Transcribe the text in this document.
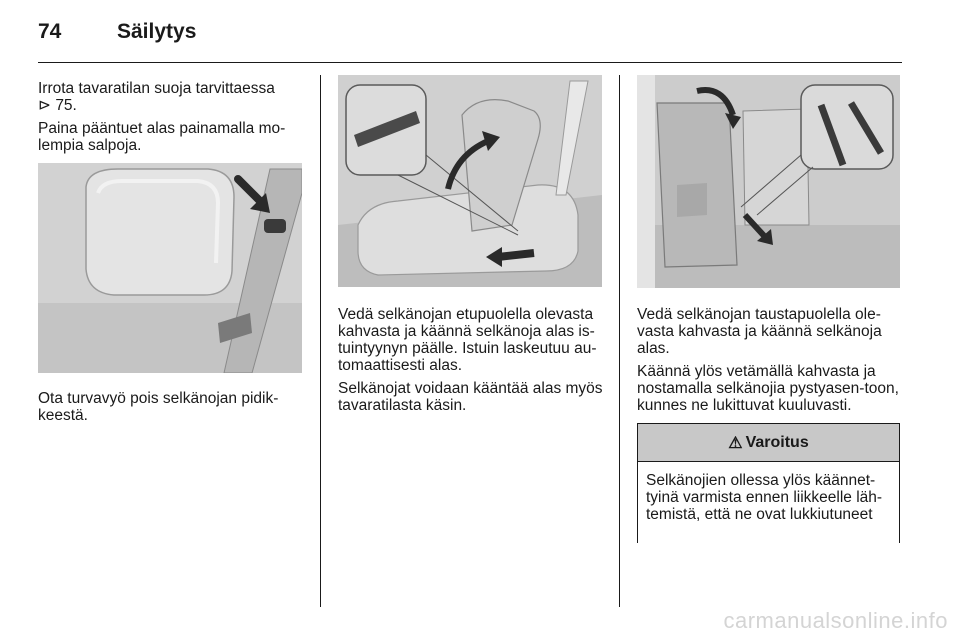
74	Säilytys

Irrota tavaratilan suoja tarvittaessa
⊳ 75.

Paina pääntuet alas painamalla mo-lempia salpoja.

Ota turvavyö pois selkänojan pidik-keestä.

Vedä selkänojan etupuolella olevasta kahvasta ja käännä selkänoja alas is-tuintyynyn päälle. Istuin laskeutuu au-tomaattisesti alas.

Selkänojat voidaan kääntää alas myös tavaratilasta käsin.

Vedä selkänojan taustapuolella ole-vasta kahvasta ja käännä selkänoja alas.

Käännä ylös vetämällä kahvasta ja nostamalla selkänojia pystyasen-toon, kunnes ne lukittuvat kuuluvasti.

⚠ Varoitus
Selkänojien ollessa ylös käännet-tyinä varmista ennen liikkeelle läh-temistä, että ne ovat lukkiutuneet
carmanualsonline.info
